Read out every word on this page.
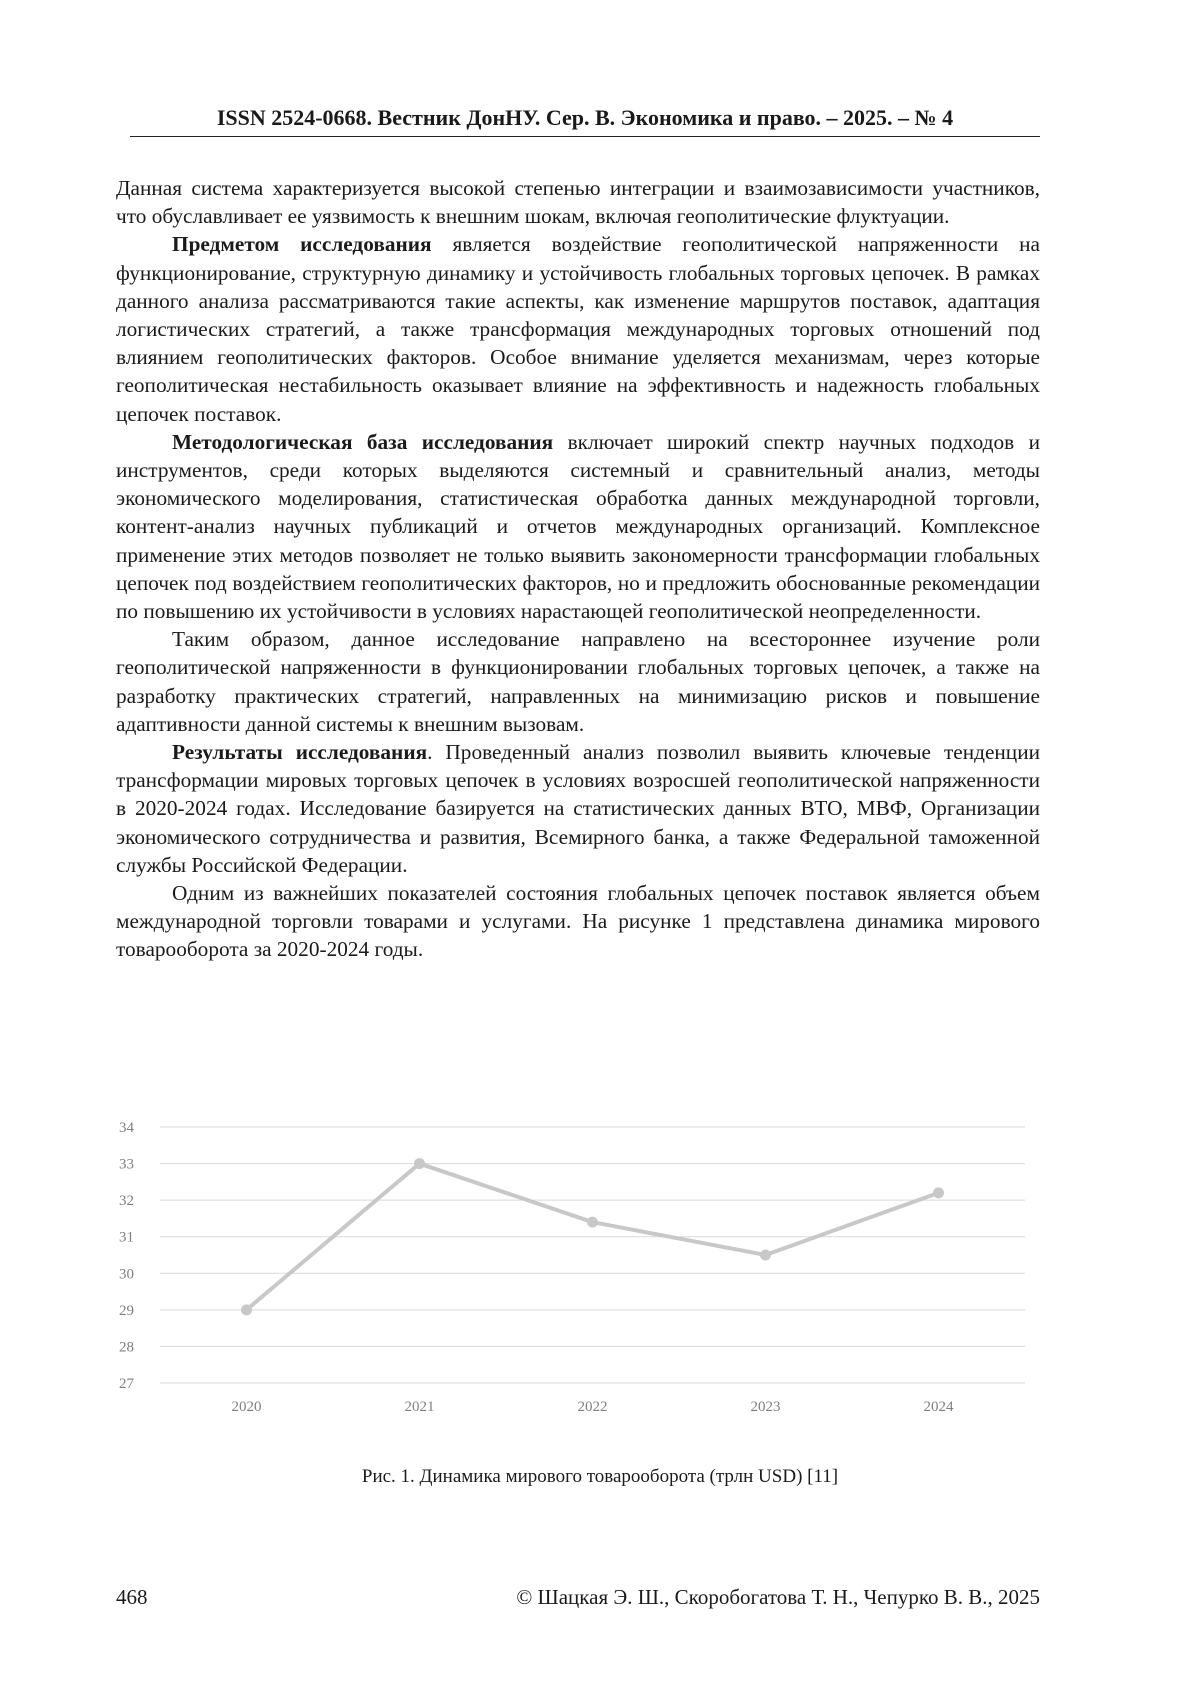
ISSN 2524-0668. Вестник ДонНУ. Сер. В. Экономика и право. – 2025. – № 4

Данная система характеризуется высокой степенью интеграции и взаимозависимости участников, что обуславливает ее уязвимость к внешним шокам, включая геополитические флуктуации.

Предметом исследования является воздействие геополитической напряженности на функционирование, структурную динамику и устойчивость глобальных торговых цепочек. В рамках данного анализа рассматриваются такие аспекты, как изменение маршрутов поставок, адаптация логистических стратегий, а также трансформация международных торговых отношений под влиянием геополитических факторов. Особое внимание уделяется механизмам, через которые геополитическая нестабильность оказывает влияние на эффективность и надежность глобальных цепочек поставок.

Методологическая база исследования включает широкий спектр научных подходов и инструментов, среди которых выделяются системный и сравнительный анализ, методы экономического моделирования, статистическая обработка данных международной торговли, контент-анализ научных публикаций и отчетов международных организаций. Комплексное применение этих методов позволяет не только выявить закономерности трансформации глобальных цепочек под воздействием геополитических факторов, но и предложить обоснованные рекомендации по повышению их устойчивости в условиях нарастающей геополитической неопределенности.

Таким образом, данное исследование направлено на всестороннее изучение роли геополитической напряженности в функционировании глобальных торговых цепочек, а также на разработку практических стратегий, направленных на минимизацию рисков и повышение адаптивности данной системы к внешним вызовам.

Результаты исследования. Проведенный анализ позволил выявить ключевые тенденции трансформации мировых торговых цепочек в условиях возросшей геополитической напряженности в 2020-2024 годах. Исследование базируется на статистических данных ВТО, МВФ, Организации экономического сотрудничества и развития, Всемирного банка, а также Федеральной таможенной службы Российской Федерации.

Одним из важнейших показателей состояния глобальных цепочек поставок является объем международной торговли товарами и услугами. На рисунке 1 представлена динамика мирового товарооборота за 2020-2024 годы.

27
28
29
30
31
32
33
34
2020	2021	2022	2023	2024
Рис. 1. Динамика мирового товарооборота (трлн USD) [11]
468	© Шацкая Э. Ш., Скоробогатова Т. Н., Чепурко В. В., 2025
